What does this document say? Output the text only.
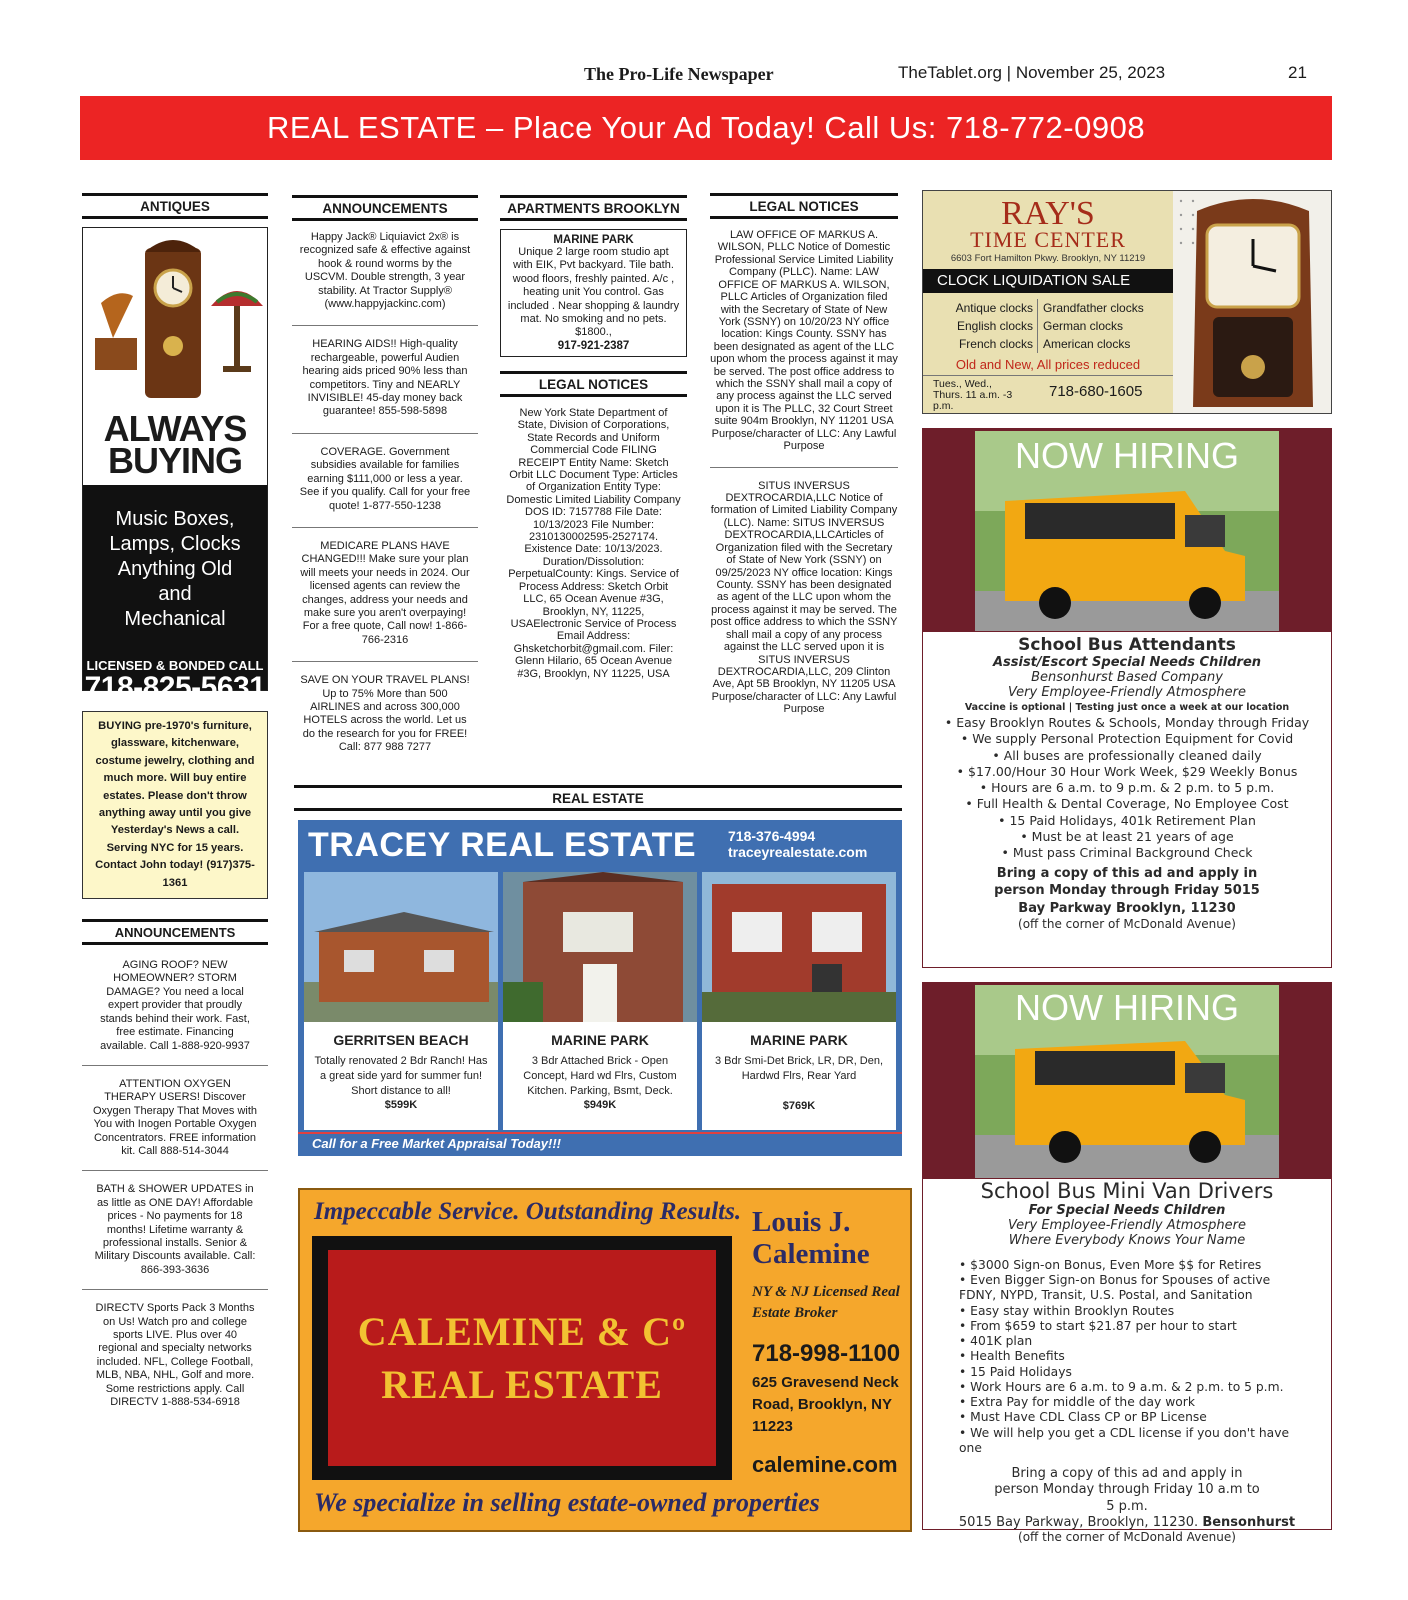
The Pro-Life Newspaper	TheTablet.org | November 25, 2023	21
REAL ESTATE – Place Your Ad Today! Call Us: 718-772-0908
ANTIQUES
ALWAYS BUYING
Music Boxes, Lamps, Clocks Anything Old and Mechanical
LICENSED & BONDED CALL
718-825-5631
BUYING pre-1970's furniture, glassware, kitchenware, costume jewelry, clothing and much more. Will buy entire estates. Please don't throw anything away until you give Yesterday's News a call. Serving NYC for 15 years. Contact John today! (917)375-1361
ANNOUNCEMENTS
AGING ROOF? NEW HOMEOWNER? STORM DAMAGE? You need a local expert provider that proudly stands behind their work. Fast, free estimate. Financing available. Call 1-888-920-9937
ATTENTION OXYGEN THERAPY USERS! Discover Oxygen Therapy That Moves with You with Inogen Portable Oxygen Concentrators. FREE information kit. Call 888-514-3044
BATH & SHOWER UPDATES in as little as ONE DAY! Affordable prices - No payments for 18 months! Lifetime warranty & professional installs. Senior & Military Discounts available. Call: 866-393-3636
DIRECTV Sports Pack 3 Months on Us! Watch pro and college sports LIVE. Plus over 40 regional and specialty networks included. NFL, College Football, MLB, NBA, NHL, Golf and more. Some restrictions apply. Call DIRECTV 1-888-534-6918
ANNOUNCEMENTS
Happy Jack® Liquiavict 2x® is recognized safe & effective against hook & round worms by the USCVM. Double strength, 3 year stability. At Tractor Supply® (www.happyjackinc.com)
HEARING AIDS!! High-quality rechargeable, powerful Audien hearing aids priced 90% less than competitors. Tiny and NEARLY INVISIBLE! 45-day money back guarantee! 855-598-5898
COVERAGE. Government subsidies available for families earning $111,000 or less a year. See if you qualify. Call for your free quote! 1-877-550-1238
MEDICARE PLANS HAVE CHANGED!!! Make sure your plan will meets your needs in 2024. Our licensed agents can review the changes, address your needs and make sure you aren't overpaying! For a free quote, Call now! 1-866-766-2316
SAVE ON YOUR TRAVEL PLANS! Up to 75% More than 500 AIRLINES and across 300,000 HOTELS across the world. Let us do the research for you for FREE! Call: 877 988 7277
APARTMENTS BROOKLYN
MARINE PARK
Unique 2 large room studio apt with EIK, Pvt backyard. Tile bath. wood floors, freshly painted. A/c , heating unit You control. Gas included . Near shopping & laundry mat. No smoking and no pets. $1800.,
917-921-2387
LEGAL NOTICES
New York State Department of State, Division of Corporations, State Records and Uniform Commercial Code FILING RECEIPT Entity Name: Sketch Orbit LLC Document Type: Articles of Organization Entity Type: Domestic Limited Liability Company DOS ID: 7157788 File Date: 10/13/2023 File Number: 2310130002595-2527174. Existence Date: 10/13/2023. Duration/Dissolution: PerpetualCounty: Kings. Service of Process Address: Sketch Orbit LLC, 65 Ocean Avenue #3G, Brooklyn, NY, 11225, USAElectronic Service of Process Email Address: Ghsketchorbit@gmail.com. Filer: Glenn Hilario, 65 Ocean Avenue #3G, Brooklyn, NY 11225, USA
LEGAL NOTICES
LAW OFFICE OF MARKUS A. WILSON, PLLC Notice of Domestic Professional Service Limited Liability Company (PLLC). Name: LAW OFFICE OF MARKUS A. WILSON, PLLC Articles of Organization filed with the Secretary of State of New York (SSNY) on 10/20/23 NY office location: Kings County. SSNY has been designated as agent of the LLC upon whom the process against it may be served. The post office address to which the SSNY shall mail a copy of any process against the LLC served upon it is The PLLC, 32 Court Street suite 904m Brooklyn, NY 11201 USA Purpose/character of LLC: Any Lawful Purpose
SITUS INVERSUS DEXTROCARDIA,LLC Notice of formation of Limited Liability Company (LLC). Name: SITUS INVERSUS DEXTROCARDIA,LLCArticles of Organization filed with the Secretary of State of New York (SSNY) on 09/25/2023 NY office location: Kings County. SSNY has been designated as agent of the LLC upon whom the process against it may be served. The post office address to which the SSNY shall mail a copy of any process against the LLC served upon it is SITUS INVERSUS DEXTROCARDIA,LLC, 209 Clinton Ave, Apt 5B Brooklyn, NY 11205 USA Purpose/character of LLC: Any Lawful Purpose
REAL ESTATE
TRACEY REAL ESTATE 718-376-4994
traceyrealestate.com
GERRITSEN BEACH
Totally renovated 2 Bdr Ranch! Has a great side yard for summer fun! Short distance to all!
$599K
MARINE PARK
3 Bdr Attached Brick - Open Concept, Hard wd Flrs, Custom Kitchen. Parking, Bsmt, Deck.
$949K
MARINE PARK
3 Bdr Smi-Det Brick, LR, DR, Den, Hardwd Flrs, Rear Yard
$769K
Call for a Free Market Appraisal Today!!!
Impeccable Service. Outstanding Results.
CALEMINE & Cº
REAL ESTATE
Louis J. Calemine
NY & NJ Licensed Real Estate Broker
718-998-1100
625 Gravesend Neck Road, Brooklyn, NY 11223
calemine.com
We specialize in selling estate-owned properties
RAY'S
TIME CENTER
6603 Fort Hamilton Pkwy. Brooklyn, NY 11219
CLOCK LIQUIDATION SALE
Antique clocks
English clocks
French clocks
Grandfather clocks
German clocks
American clocks
Old and New, All prices reduced
Tues., Wed., Thurs. 11 a.m. -3 p.m.
718-680-1605
NOW HIRING
School Bus Attendants
Assist/Escort Special Needs Children
Bensonhurst Based Company
Very Employee-Friendly Atmosphere
Vaccine is optional | Testing just once a week at our location
• Easy Brooklyn Routes & Schools, Monday through Friday
• We supply Personal Protection Equipment for Covid
• All buses are professionally cleaned daily
• $17.00/Hour 30 Hour Work Week, $29 Weekly Bonus
• Hours are 6 a.m. to 9 p.m. & 2 p.m. to 5 p.m.
• Full Health & Dental Coverage, No Employee Cost
• 15 Paid Holidays, 401k Retirement Plan
• Must be at least 21 years of age
• Must pass Criminal Background Check
Bring a copy of this ad and apply in person Monday through Friday 5015 Bay Parkway Brooklyn, 11230
(off the corner of McDonald Avenue)
NOW HIRING
School Bus Mini Van Drivers
For Special Needs Children
Very Employee-Friendly Atmosphere
Where Everybody Knows Your Name
• $3000 Sign-on Bonus, Even More $$ for Retires
• Even Bigger Sign-on Bonus for Spouses of active FDNY, NYPD, Transit, U.S. Postal, and Sanitation
• Easy stay within Brooklyn Routes
• From $659 to start $21.87 per hour to start
• 401K plan
• Health Benefits
• 15 Paid Holidays
• Work Hours are 6 a.m. to 9 a.m. & 2 p.m. to 5 p.m.
• Extra Pay for middle of the day work
• Must Have CDL Class CP or BP License
• We will help you get a CDL license if you don't have one
Bring a copy of this ad and apply in person Monday through Friday 10 a.m to 5 p.m.
5015 Bay Parkway, Brooklyn, 11230. Bensonhurst
(off the corner of McDonald Avenue)
